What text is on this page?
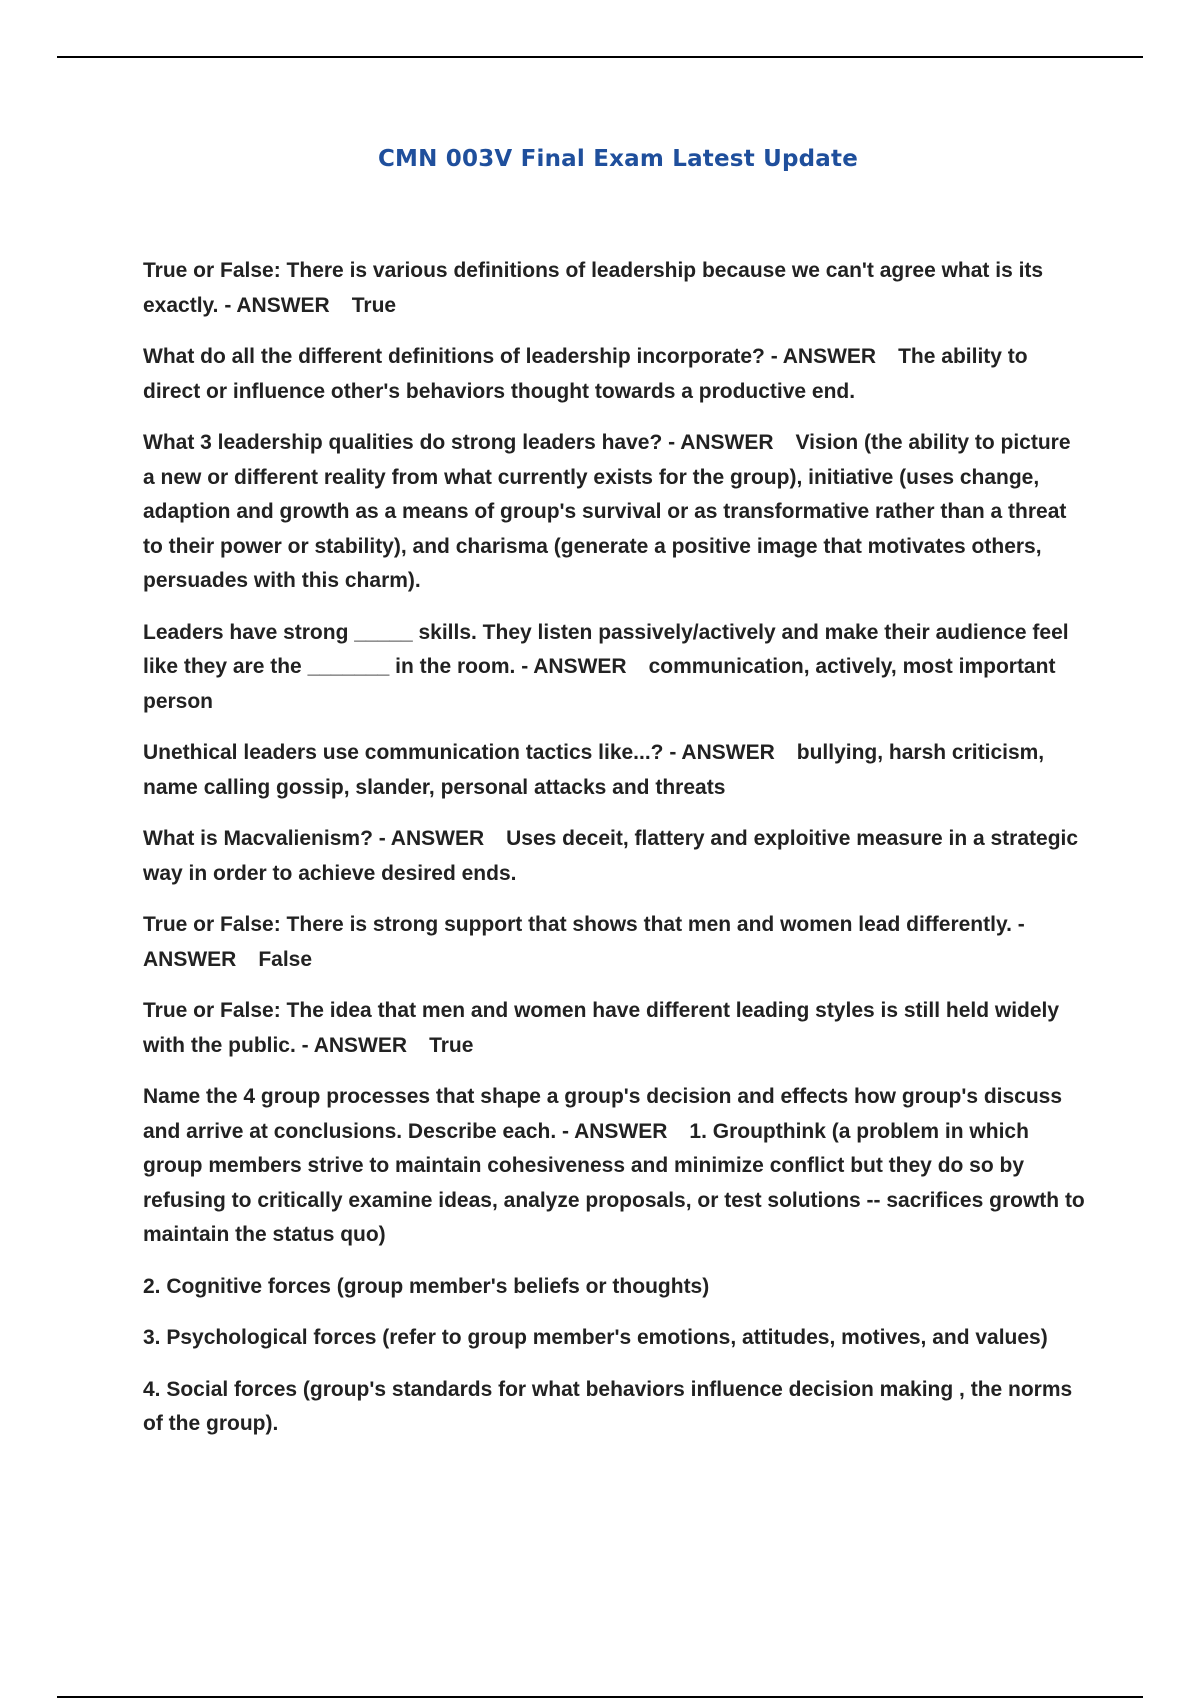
CMN 003V Final Exam Latest Update

True or False: There is various definitions of leadership because we can't agree what is its exactly. - ANSWER True

What do all the different definitions of leadership incorporate? - ANSWER The ability to direct or influence other's behaviors thought towards a productive end.

What 3 leadership qualities do strong leaders have? - ANSWER Vision (the ability to picture a new or different reality from what currently exists for the group), initiative (uses change, adaption and growth as a means of group's survival or as transformative rather than a threat to their power or stability), and charisma (generate a positive image that motivates others, persuades with this charm).

Leaders have strong _____ skills. They listen passively/actively and make their audience feel like they are the _______ in the room. - ANSWER communication, actively, most important person

Unethical leaders use communication tactics like...? - ANSWER bullying, harsh criticism, name calling gossip, slander, personal attacks and threats

What is Macvalienism? - ANSWER Uses deceit, flattery and exploitive measure in a strategic way in order to achieve desired ends.

True or False: There is strong support that shows that men and women lead differently. - ANSWER False

True or False: The idea that men and women have different leading styles is still held widely with the public. - ANSWER True

Name the 4 group processes that shape a group's decision and effects how group's discuss and arrive at conclusions. Describe each. - ANSWER 1. Groupthink (a problem in which group members strive to maintain cohesiveness and minimize conflict but they do so by refusing to critically examine ideas, analyze proposals, or test solutions -- sacrifices growth to maintain the status quo)

2. Cognitive forces (group member's beliefs or thoughts)

3. Psychological forces (refer to group member's emotions, attitudes, motives, and values)

4. Social forces (group's standards for what behaviors influence decision making , the norms of the group).
